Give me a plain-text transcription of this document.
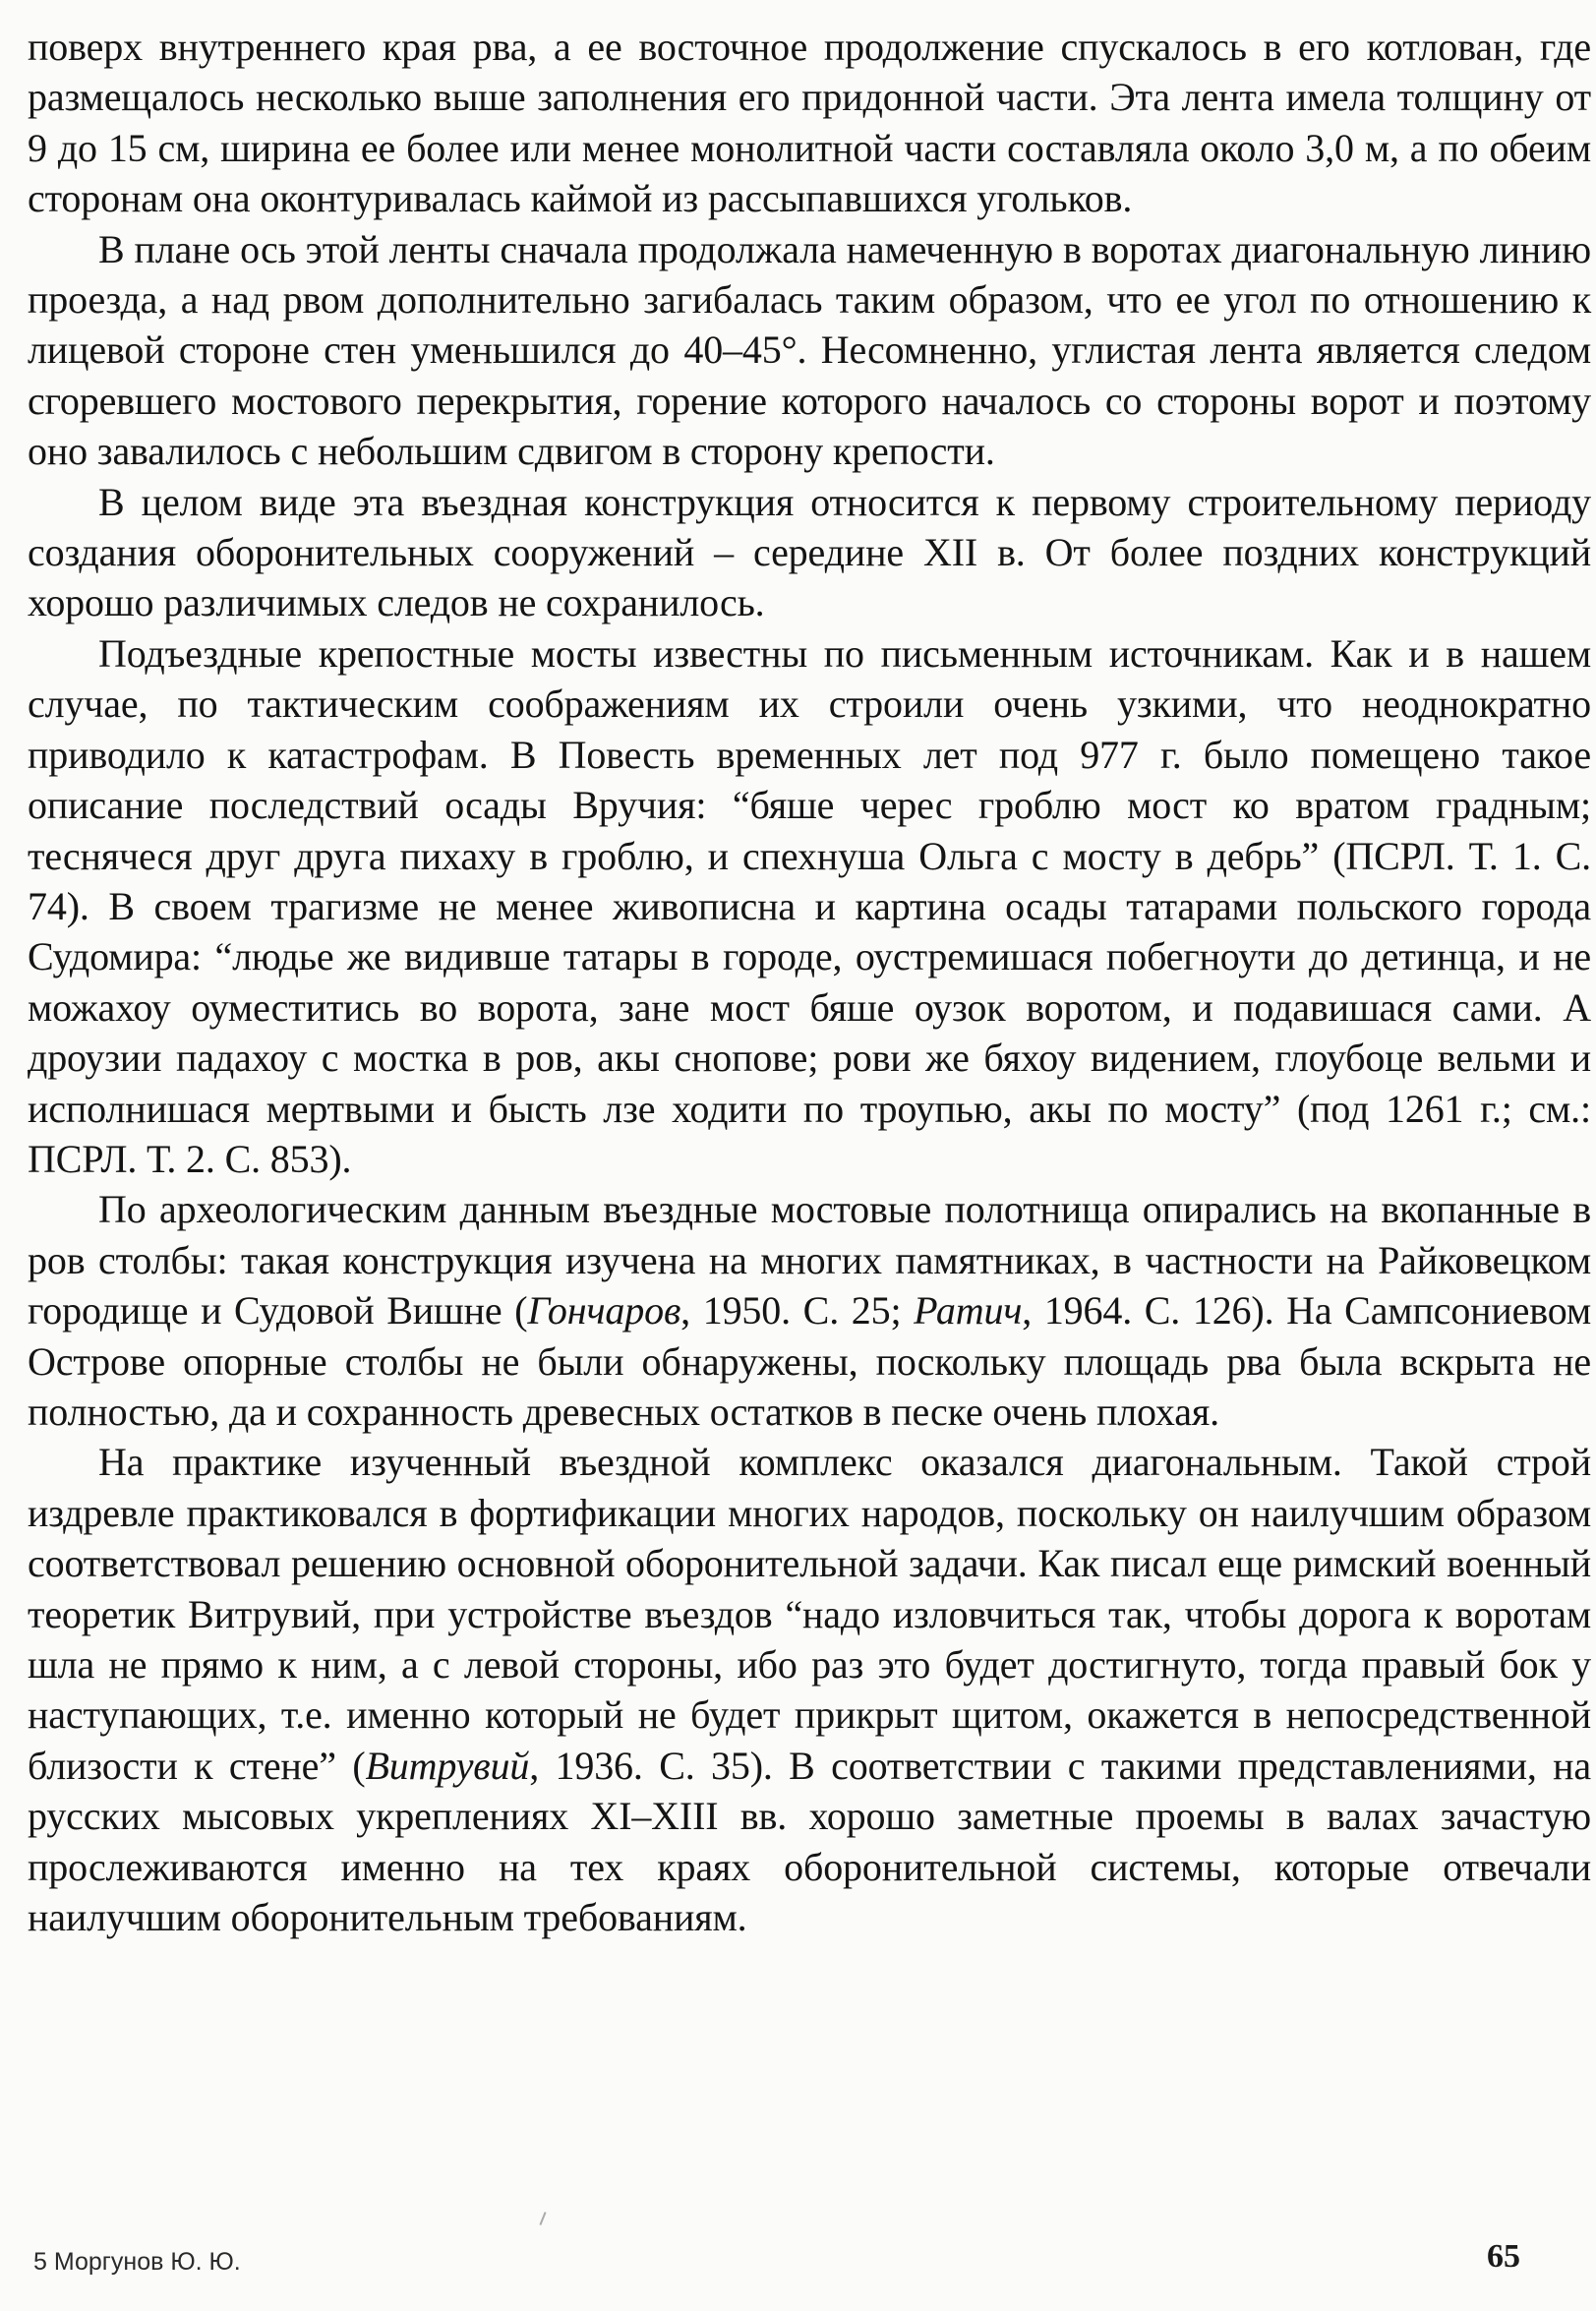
поверх внутреннего края рва, а ее восточное продолжение спускалось в его котлован, где размещалось несколько выше заполнения его придонной части. Эта лента имела толщину от 9 до 15 см, ширина ее более или менее монолитной части составляла около 3,0 м, а по обеим сторонам она оконтуривалась каймой из рассыпавшихся угольков.

В плане ось этой ленты сначала продолжала намеченную в воротах диагональную линию проезда, а над рвом дополнительно загибалась таким образом, что ее угол по отношению к лицевой стороне стен уменьшился до 40–45°. Несомненно, углистая лента является следом сгоревшего мостового перекрытия, горение которого началось со стороны ворот и поэтому оно завалилось с небольшим сдвигом в сторону крепости.

В целом виде эта въездная конструкция относится к первому строительному периоду создания оборонительных сооружений – середине XII в. От более поздних конструкций хорошо различимых следов не сохранилось.

Подъездные крепостные мосты известны по письменным источникам. Как и в нашем случае, по тактическим соображениям их строили очень узкими, что неоднократно приводило к катастрофам. В Повесть временных лет под 977 г. было помещено такое описание последствий осады Вручия: “бяше черес гроблю мост ко вратом градным; теснячеся друг друга пихаху в гроблю, и спехнуша Ольга с мосту в дебрь” (ПСРЛ. Т. 1. С. 74). В своем трагизме не менее живописна и картина осады татарами польского города Судомира: “людье же видивше татары в городе, оустремишася побегноути до детинца, и не можахоу оуместитись во ворота, зане мост бяше оузок воротом, и подавишася сами. А дроузии падахоу с мостка в ров, акы снопове; рови же бяхоу видением, глоубоце вельми и исполнишася мертвыми и бысть лзе ходити по троупью, акы по мосту” (под 1261 г.; см.: ПСРЛ. Т. 2. С. 853).

По археологическим данным въездные мостовые полотнища опирались на вкопанные в ров столбы: такая конструкция изучена на многих памятниках, в частности на Райковецком городище и Судовой Вишне (Гончаров, 1950. С. 25; Ратич, 1964. С. 126). На Сампсониевом Острове опорные столбы не были обнаружены, поскольку площадь рва была вскрыта не полностью, да и сохранность древесных остатков в песке очень плохая.

На практике изученный въездной комплекс оказался диагональным. Такой строй издревле практиковался в фортификации многих народов, поскольку он наилучшим образом соответствовал решению основной оборонительной задачи. Как писал еще римский военный теоретик Витрувий, при устройстве въездов “надо изловчиться так, чтобы дорога к воротам шла не прямо к ним, а с левой стороны, ибо раз это будет достигнуто, тогда правый бок у наступающих, т.е. именно который не будет прикрыт щитом, окажется в непосредственной близости к стене” (Витрувий, 1936. С. 35). В соответствии с такими представлениями, на русских мысовых укреплениях XI–XIII вв. хорошо заметные проемы в валах зачастую прослеживаются именно на тех краях оборонительной системы, которые отвечали наилучшим оборонительным требованиям.

5 Моргунов Ю. Ю.	65
